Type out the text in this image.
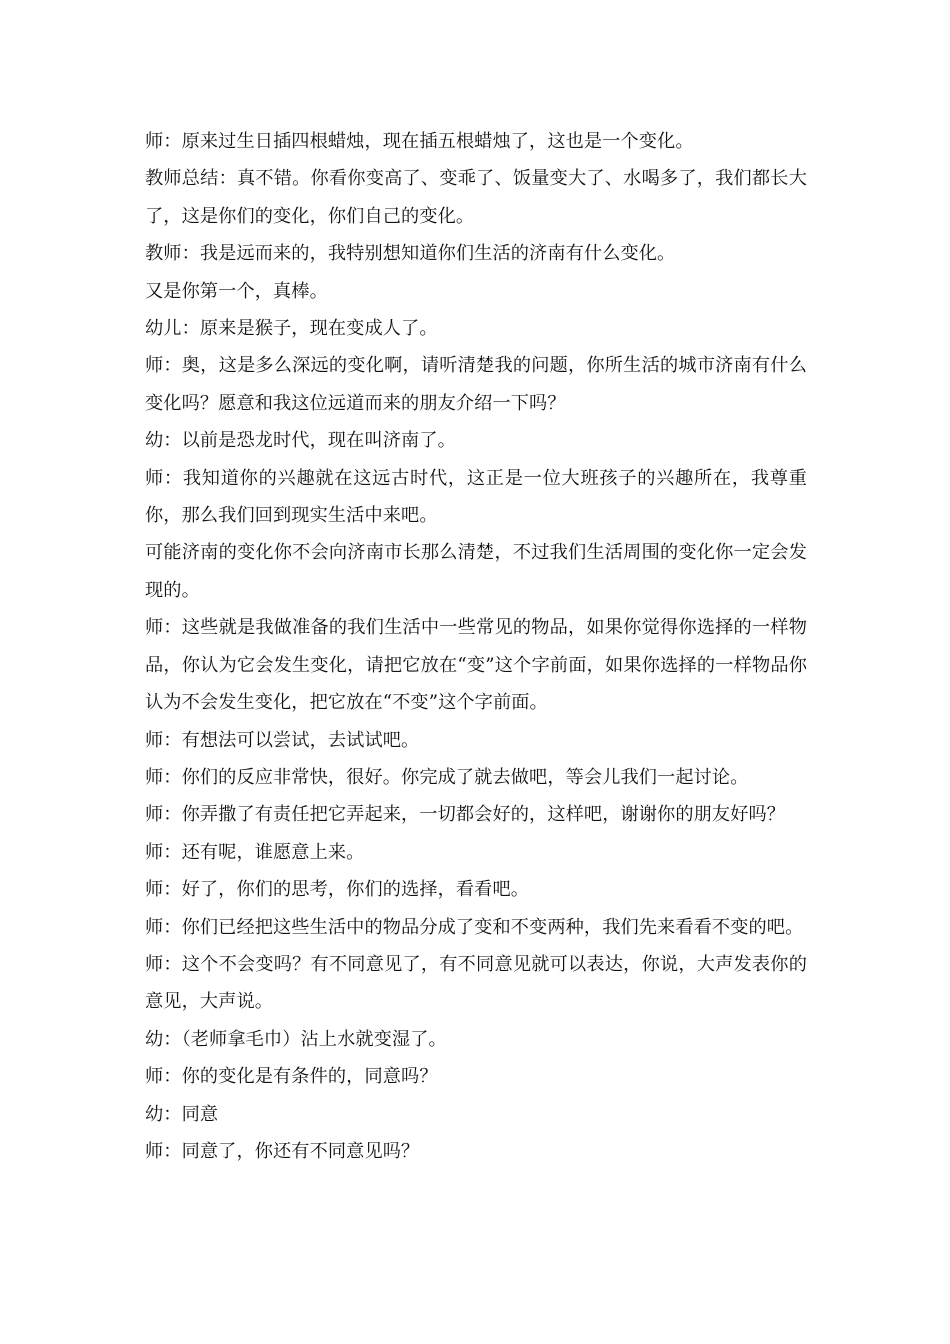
师：原来过生日插四根蜡烛，现在插五根蜡烛了，这也是一个变化。

教师总结：真不错。你看你变高了、变乖了、饭量变大了、水喝多了，我们都长大了，这是你们的变化，你们自己的变化。

教师：我是远而来的，我特别想知道你们生活的济南有什么变化。

又是你第一个，真棒。

幼儿：原来是猴子，现在变成人了。

师：奥，这是多么深远的变化啊，请听清楚我的问题，你所生活的城市济南有什么变化吗？愿意和我这位远道而来的朋友介绍一下吗？

幼：以前是恐龙时代，现在叫济南了。

师：我知道你的兴趣就在这远古时代，这正是一位大班孩子的兴趣所在，我尊重你，那么我们回到现实生活中来吧。

可能济南的变化你不会向济南市长那么清楚，不过我们生活周围的变化你一定会发现的。

师：这些就是我做准备的我们生活中一些常见的物品，如果你觉得你选择的一样物品，你认为它会发生变化，请把它放在“变”这个字前面，如果你选择的一样物品你认为不会发生变化，把它放在“不变”这个字前面。

师：有想法可以尝试，去试试吧。

师：你们的反应非常快，很好。你完成了就去做吧，等会儿我们一起讨论。

师：你弄撒了有责任把它弄起来，一切都会好的，这样吧，谢谢你的朋友好吗？

师：还有呢，谁愿意上来。

师：好了，你们的思考，你们的选择，看看吧。

师：你们已经把这些生活中的物品分成了变和不变两种，我们先来看看不变的吧。

师：这个不会变吗？有不同意见了，有不同意见就可以表达，你说，大声发表你的意见，大声说。

幼：（老师拿毛巾）沾上水就变湿了。

师：你的变化是有条件的，同意吗？

幼：同意

师：同意了，你还有不同意见吗？
